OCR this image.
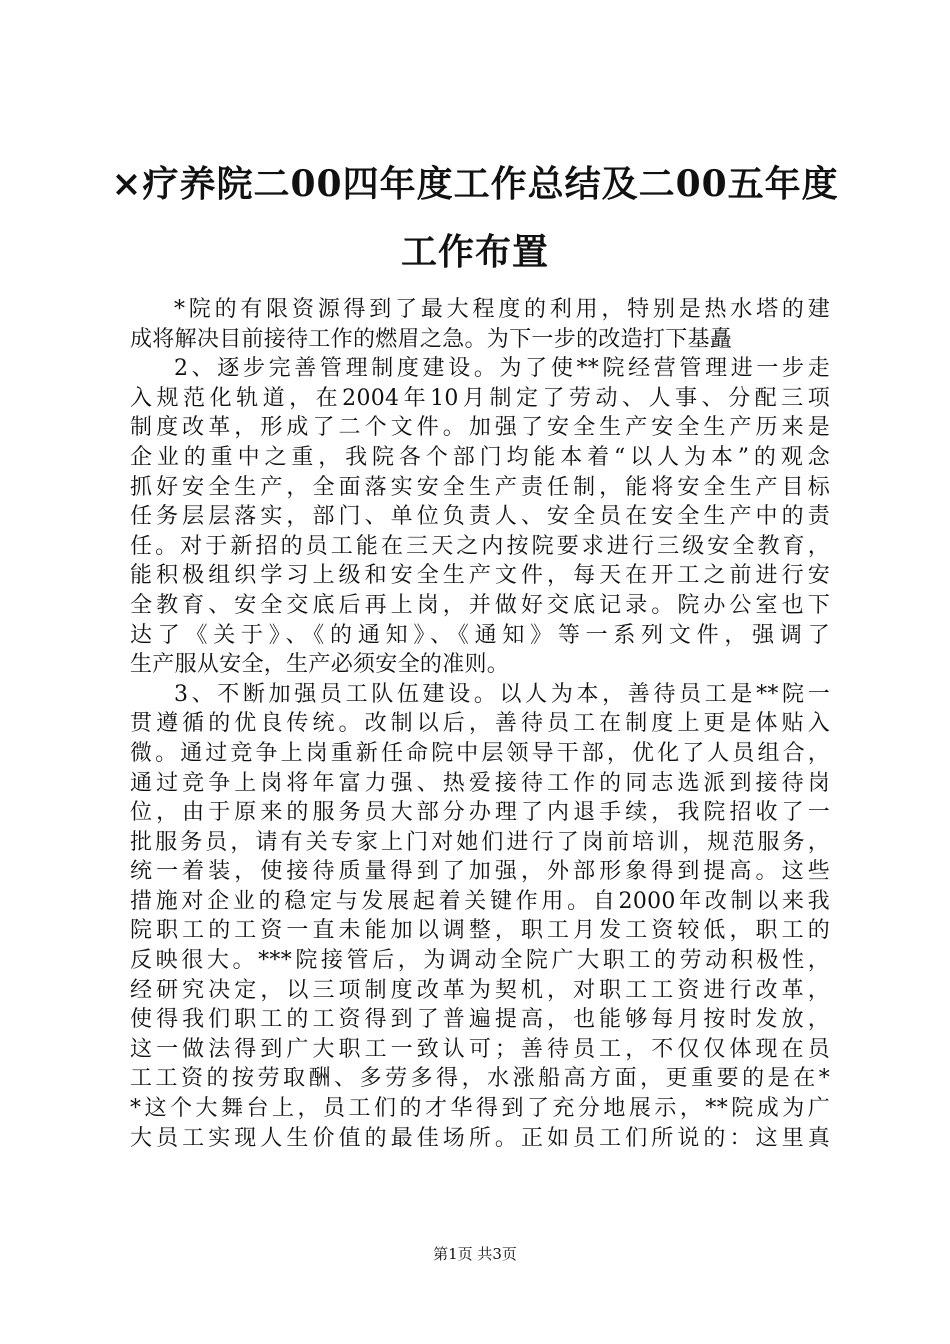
×疗养院二00四年度工作总结及二00五年度
工作布置
*院的有限资源得到了最大程度的利用，特别是热水塔的建
成将解决目前接待工作的燃眉之急。为下一步的改造打下基矗
2、逐步完善管理制度建设。为了使**院经营管理进一步走
入规范化轨道，在2004年10月制定了劳动、人事、分配三项
制度改革，形成了二个文件。加强了安全生产安全生产历来是
企业的重中之重，我院各个部门均能本着“以人为本”的观念
抓好安全生产，全面落实安全生产责任制，能将安全生产目标
任务层层落实，部门、单位负责人、安全员在安全生产中的责
任。对于新招的员工能在三天之内按院要求进行三级安全教育，
能积极组织学习上级和安全生产文件，每天在开工之前进行安
全教育、安全交底后再上岗，并做好交底记录。院办公室也下
达了《关于》、《的通知》、《通知》等一系列文件，强调了
生产服从安全，生产必须安全的准则。
3、不断加强员工队伍建设。以人为本，善待员工是**院一
贯遵循的优良传统。改制以后，善待员工在制度上更是体贴入
微。通过竞争上岗重新任命院中层领导干部，优化了人员组合，
通过竞争上岗将年富力强、热爱接待工作的同志选派到接待岗
位，由于原来的服务员大部分办理了内退手续，我院招收了一
批服务员，请有关专家上门对她们进行了岗前培训，规范服务，
统一着装，使接待质量得到了加强，外部形象得到提高。这些
措施对企业的稳定与发展起着关键作用。自2000年改制以来我
院职工的工资一直未能加以调整，职工月发工资较低，职工的
反映很大。***院接管后，为调动全院广大职工的劳动积极性，
经研究决定，以三项制度改革为契机，对职工工资进行改革，
使得我们职工的工资得到了普遍提高，也能够每月按时发放，
这一做法得到广大职工一致认可；善待员工，不仅仅体现在员
工工资的按劳取酬、多劳多得，水涨船高方面，更重要的是在*
*这个大舞台上，员工们的才华得到了充分地展示，**院成为广
大员工实现人生价值的最佳场所。正如员工们所说的：这里真
第1页 共3页
